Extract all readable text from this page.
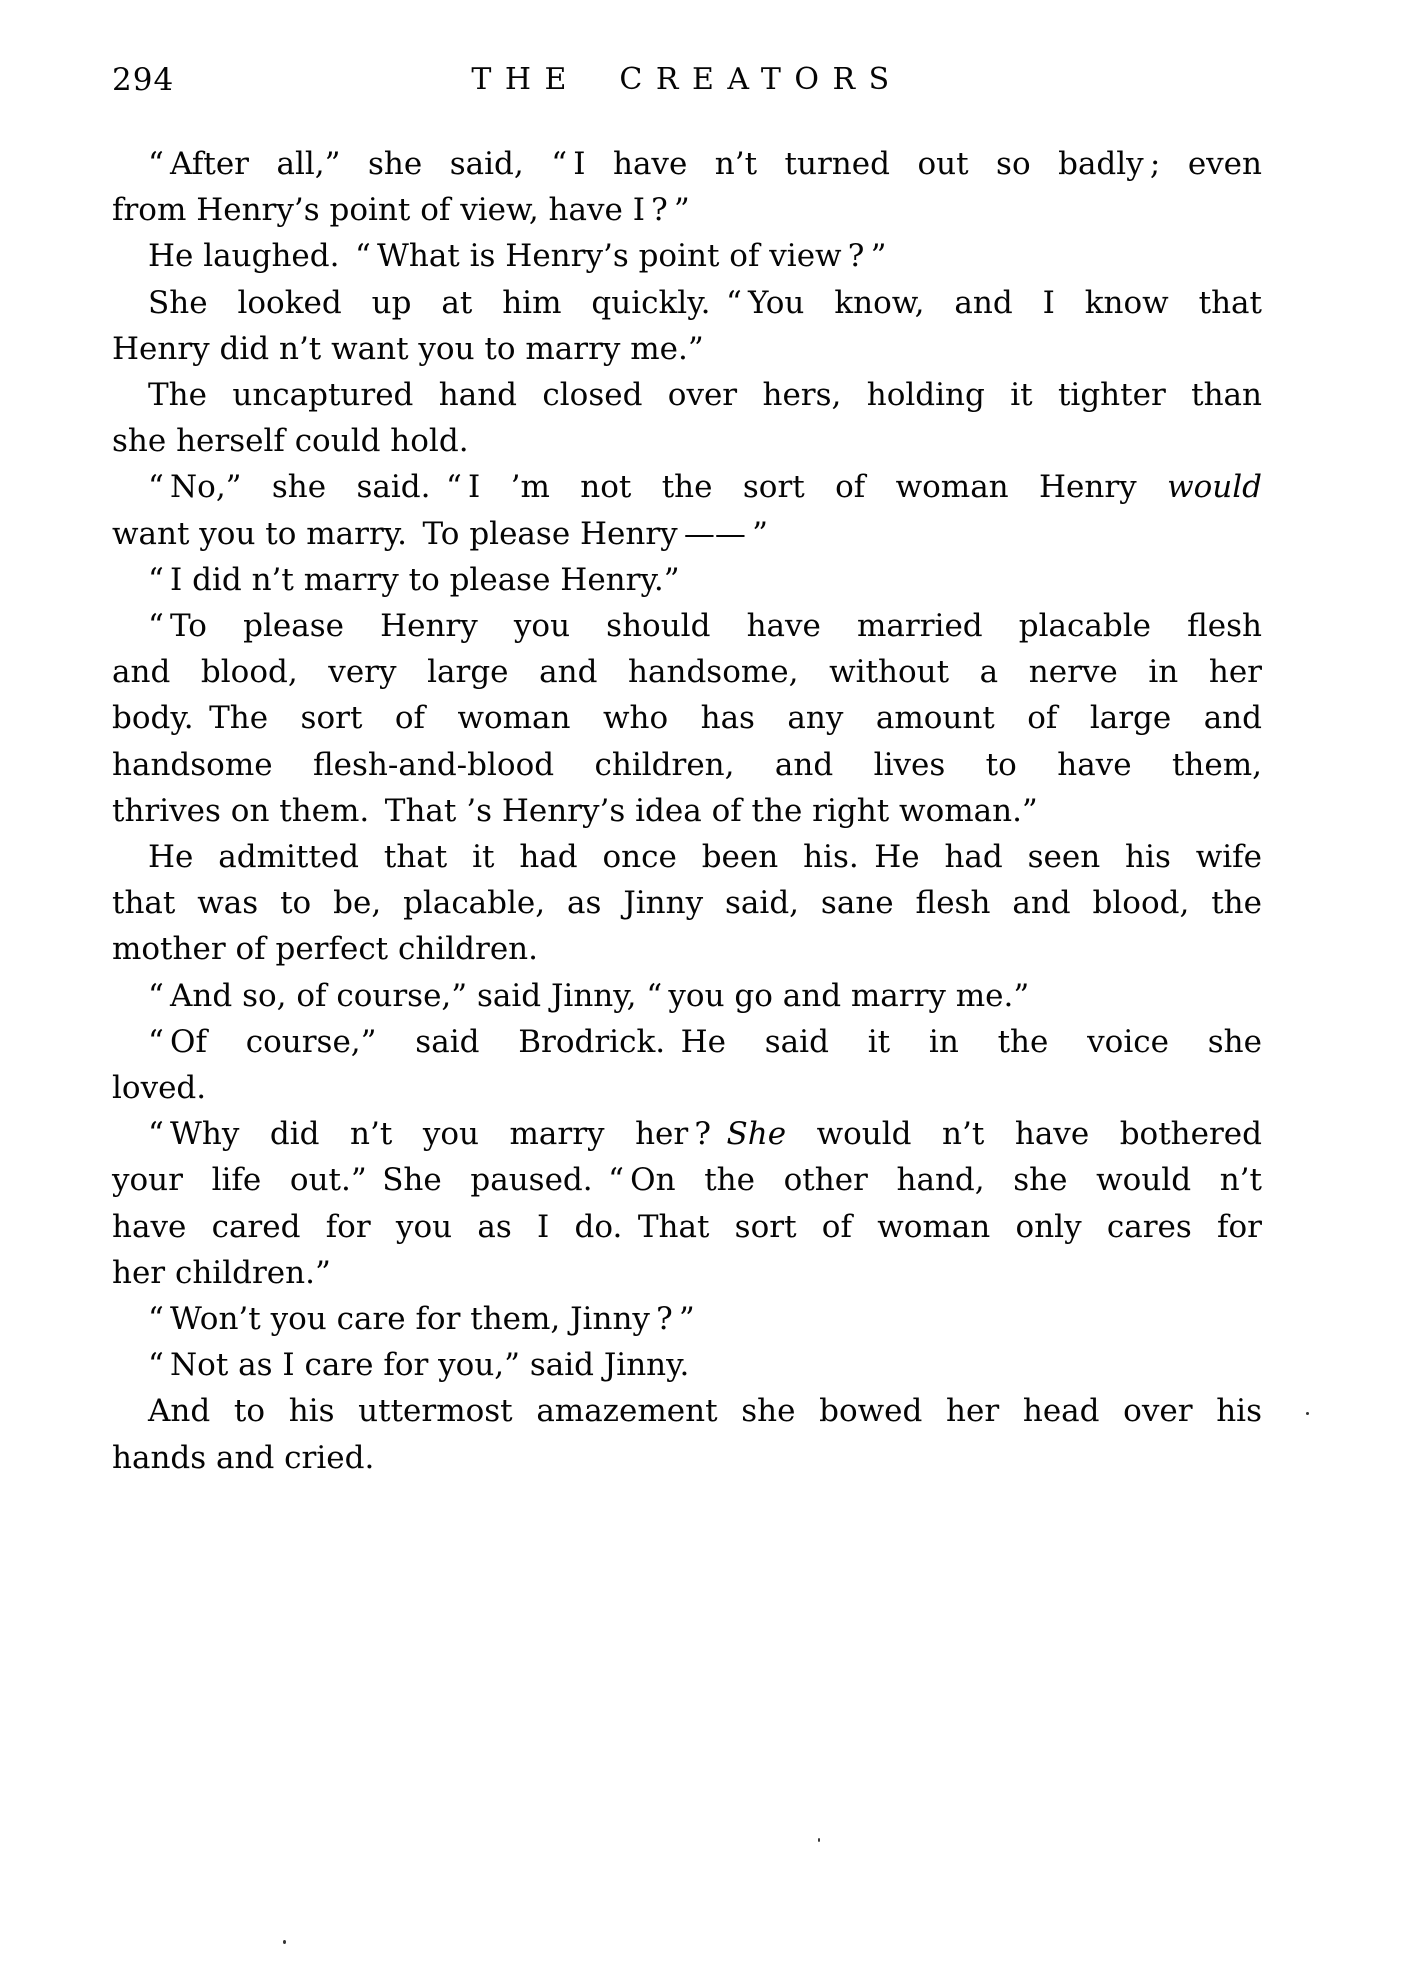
294	THE CREATORS
“ After all,” she said, “ I have n’t turned out so badly ; even
from Henry’s point of view, have I ? ”
He laughed. “ What is Henry’s point of view ? ”
She looked up at him quickly. “ You know, and I know that
Henry did n’t want you to marry me.”
The uncaptured hand closed over hers, holding it tighter than
she herself could hold.
“ No,” she said. “ I ’m not the sort of woman Henry would
want you to marry. To please Henry —— ”
“ I did n’t marry to please Henry.”
“ To please Henry you should have married placable flesh
and blood, very large and handsome, without a nerve in her
body. The sort of woman who has any amount of large and
handsome flesh-and-blood children, and lives to have them,
thrives on them. That ’s Henry’s idea of the right woman.”
He admitted that it had once been his. He had seen his wife
that was to be, placable, as Jinny said, sane flesh and blood, the
mother of perfect children.
“ And so, of course,” said Jinny, “ you go and marry me.”
“ Of course,” said Brodrick. He said it in the voice she
loved.
“ Why did n’t you marry her ? She would n’t have bothered
your life out.” She paused. “ On the other hand, she would n’t
have cared for you as I do. That sort of woman only cares for
her children.”
“ Won’t you care for them, Jinny ? ”
“ Not as I care for you,” said Jinny.
And to his uttermost amazement she bowed her head over his
hands and cried.
